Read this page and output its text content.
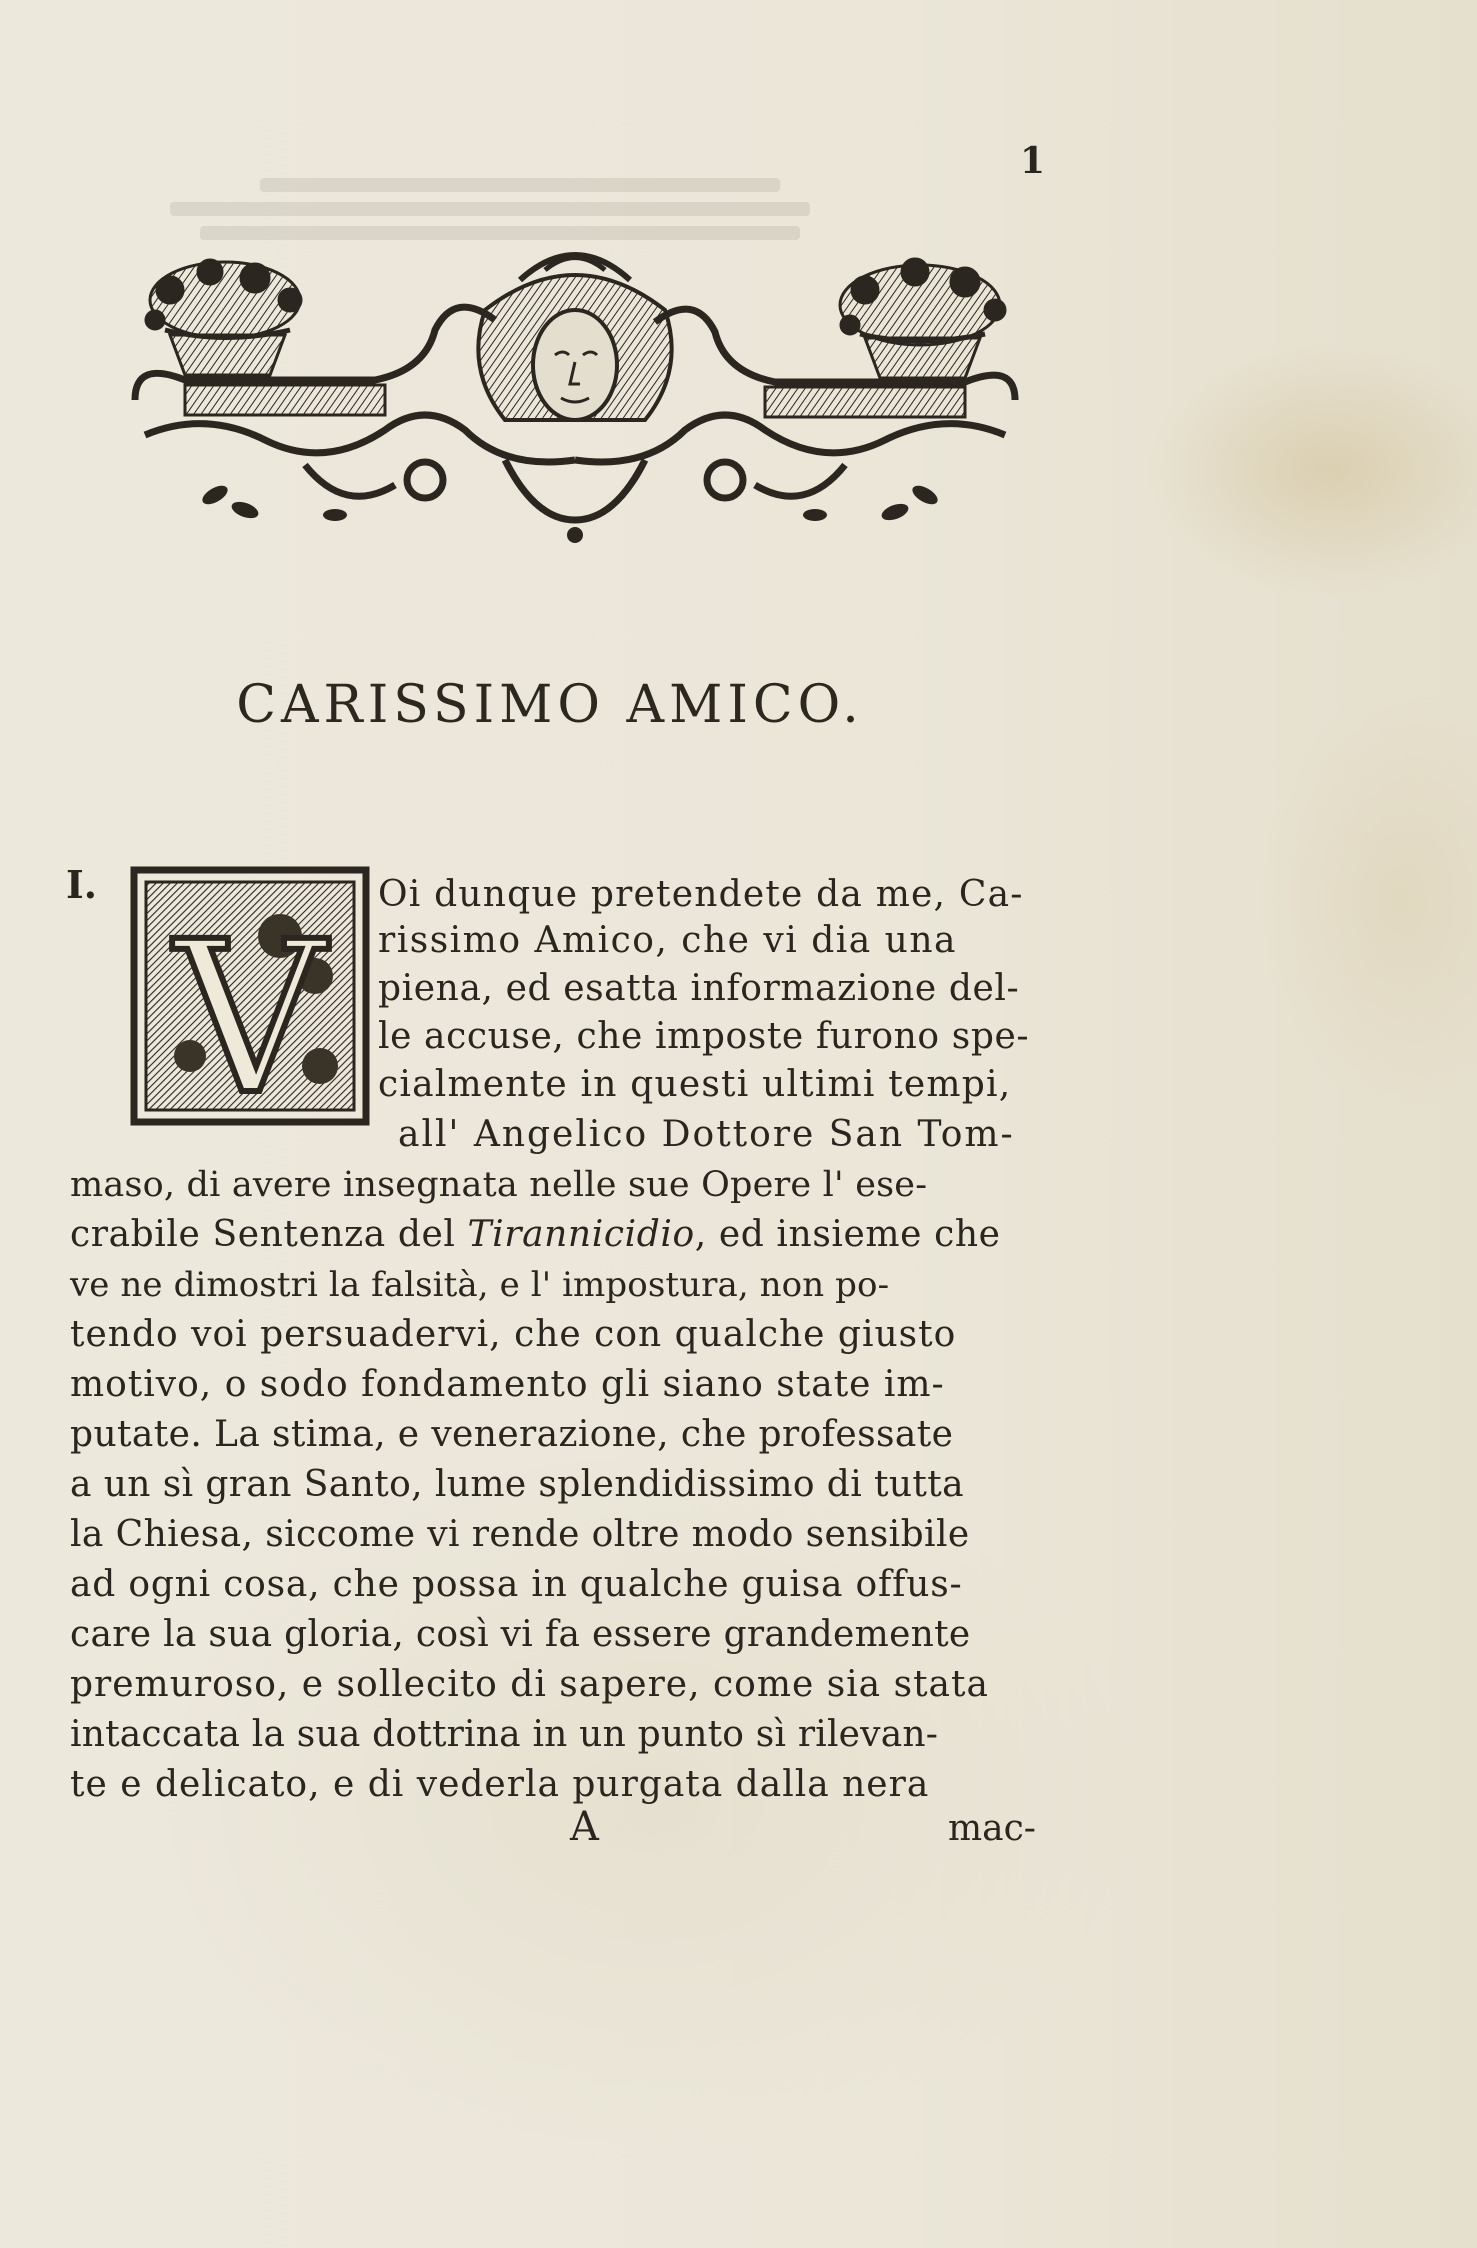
1
CARISSIMO AMICO.
I.
V
Oi dunque pretendete da me, Ca-
rissimo Amico, che vi dia una
piena, ed esatta informazione del-
le accuse, che imposte furono spe-
cialmente in questi ultimi tempi,
all' Angelico Dottore San Tom-
maso, di avere insegnata nelle sue Opere l' ese-
crabile Sentenza del Tirannicidio, ed insieme che
ve ne dimostri la falsità, e l' impostura, non po-
tendo voi persuadervi, che con qualche giusto
motivo, o sodo fondamento gli siano state im-
putate. La stima, e venerazione, che professate
a un sì gran Santo, lume splendidissimo di tutta
la Chiesa, siccome vi rende oltre modo sensibile
ad ogni cosa, che possa in qualche guisa offus-
care la sua gloria, così vi fa essere grandemente
premuroso, e sollecito di sapere, come sia stata
intaccata la sua dottrina in un punto sì rilevan-
te e delicato, e di vederla purgata dalla nera
A	mac-
